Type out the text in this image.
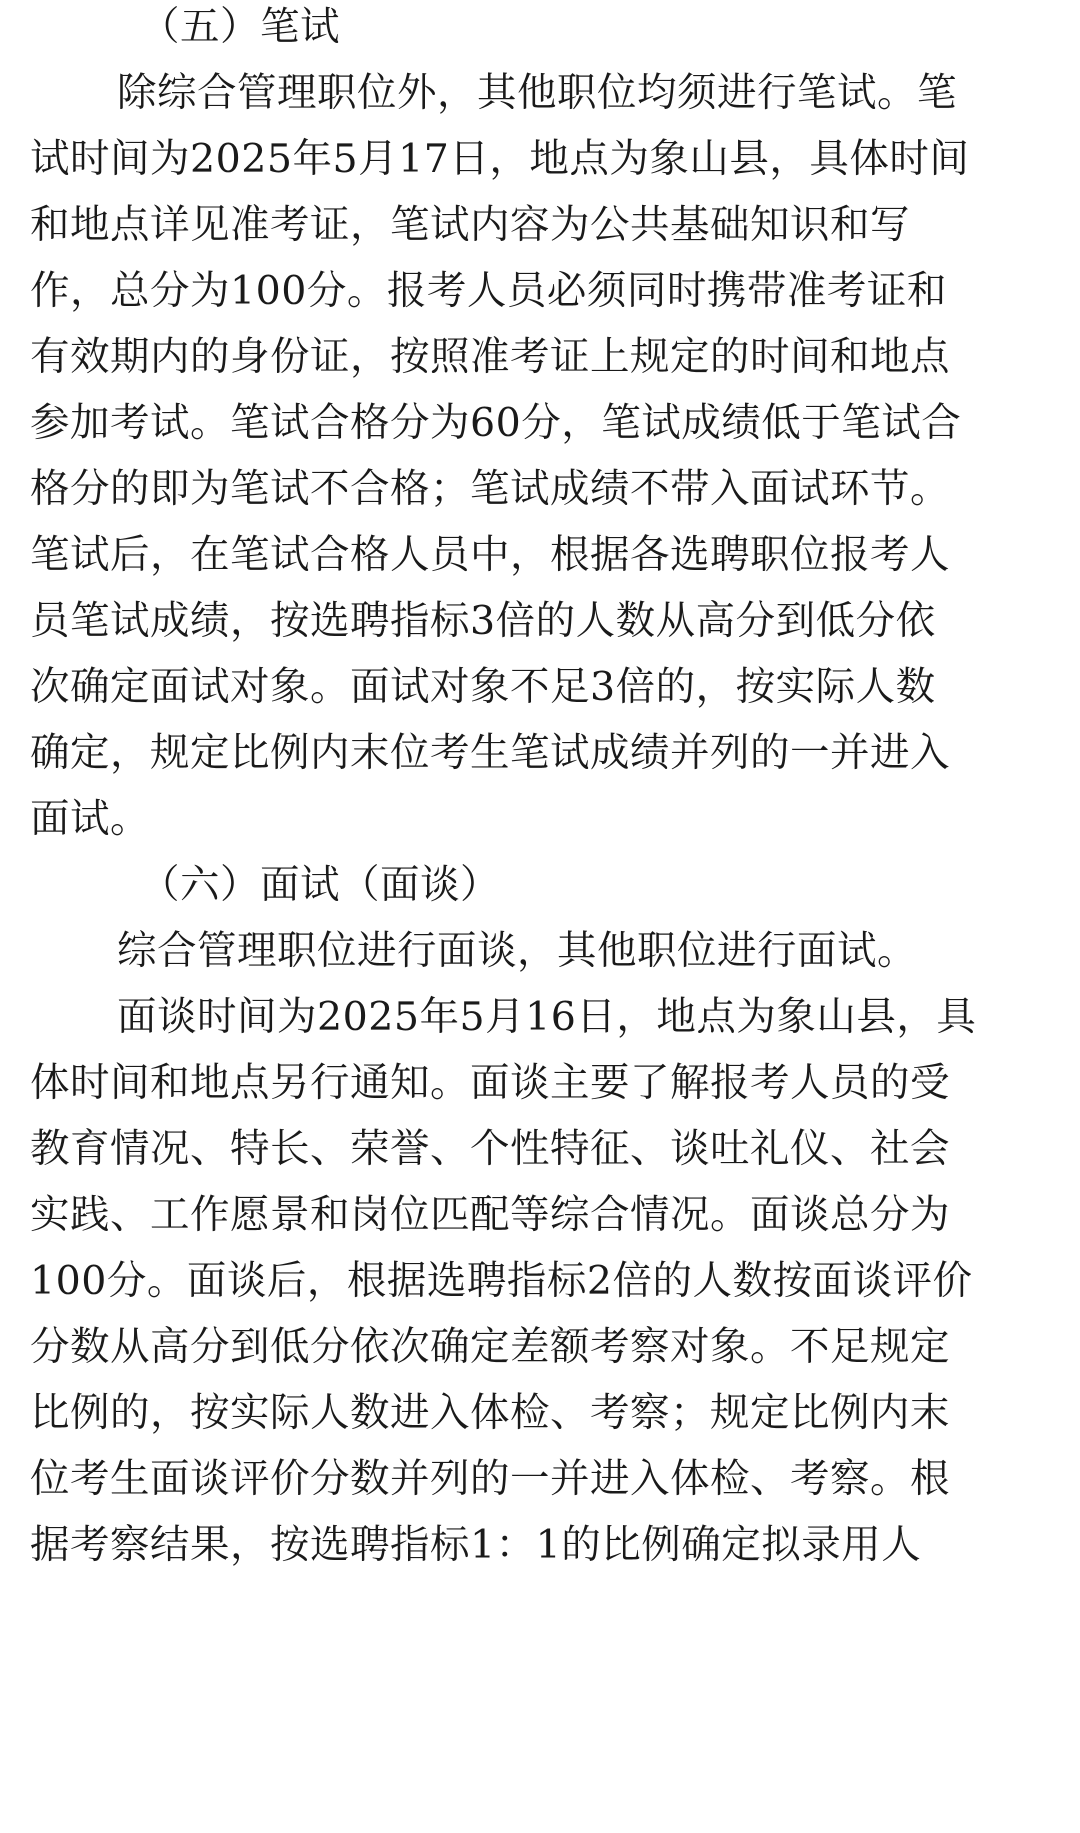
（五）笔试
除综合管理职位外，其他职位均须进行笔试。笔
试时间为2025年5月17日，地点为象山县，具体时间
和地点详见准考证，笔试内容为公共基础知识和写
作，总分为100分。报考人员必须同时携带准考证和
有效期内的身份证，按照准考证上规定的时间和地点
参加考试。笔试合格分为60分，笔试成绩低于笔试合
格分的即为笔试不合格；笔试成绩不带入面试环节。
笔试后，在笔试合格人员中，根据各选聘职位报考人
员笔试成绩，按选聘指标3倍的人数从高分到低分依
次确定面试对象。面试对象不足3倍的，按实际人数
确定，规定比例内末位考生笔试成绩并列的一并进入
面试。
（六）面试（面谈）
综合管理职位进行面谈，其他职位进行面试。
面谈时间为2025年5月16日，地点为象山县，具
体时间和地点另行通知。面谈主要了解报考人员的受
教育情况、特长、荣誉、个性特征、谈吐礼仪、社会
实践、工作愿景和岗位匹配等综合情况。面谈总分为
100分。面谈后，根据选聘指标2倍的人数按面谈评价
分数从高分到低分依次确定差额考察对象。不足规定
比例的，按实际人数进入体检、考察；规定比例内末
位考生面谈评价分数并列的一并进入体检、考察。根
据考察结果，按选聘指标1：1的比例确定拟录用人
